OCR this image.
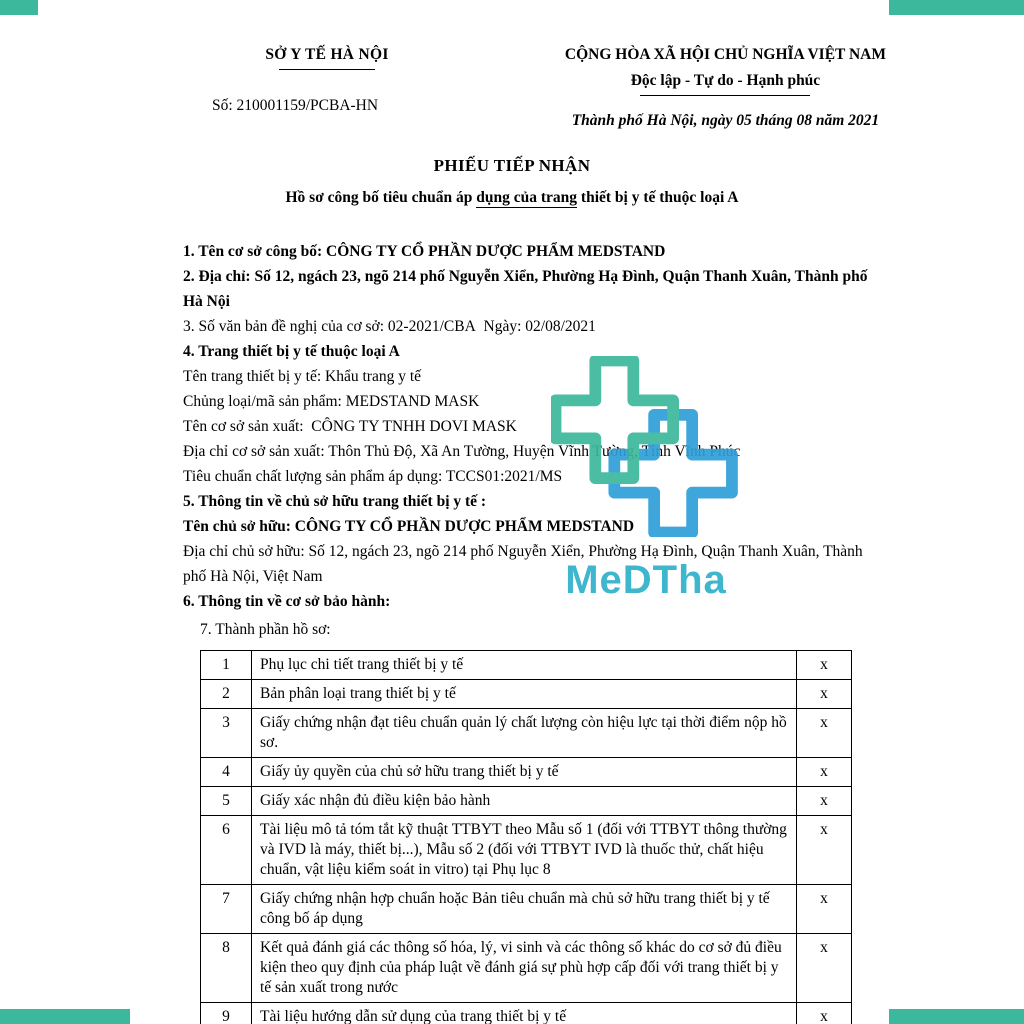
SỞ Y TẾ HÀ NỘI
Số: 210001159/PCBA-HN
CỘNG HÒA XÃ HỘI CHỦ NGHĨA VIỆT NAM
Độc lập - Tự do - Hạnh phúc
Thành phố Hà Nội, ngày 05 tháng 08 năm 2021
PHIẾU TIẾP NHẬN
Hồ sơ công bố tiêu chuẩn áp dụng của trang thiết bị y tế thuộc loại A

1. Tên cơ sở công bố: CÔNG TY CỔ PHẦN DƯỢC PHẨM MEDSTAND

2. Địa chỉ: Số 12, ngách 23, ngõ 214 phố Nguyễn Xiển, Phường Hạ Đình, Quận Thanh Xuân, Thành phố Hà Nội

3. Số văn bản đề nghị của cơ sở: 02-2021/CBA  Ngày: 02/08/2021

4. Trang thiết bị y tế thuộc loại A

Tên trang thiết bị y tế: Khẩu trang y tế

Chủng loại/mã sản phẩm: MEDSTAND MASK

Tên cơ sở sản xuất:  CÔNG TY TNHH DOVI MASK

Địa chỉ cơ sở sản xuất: Thôn Thủ Độ, Xã An Tường, Huyện Vĩnh Tường, Tỉnh Vĩnh Phúc

Tiêu chuẩn chất lượng sản phẩm áp dụng: TCCS01:2021/MS

5. Thông tin về chủ sở hữu trang thiết bị y tế :

Tên chủ sở hữu: CÔNG TY CỔ PHẦN DƯỢC PHẨM MEDSTAND

Địa chỉ chủ sở hữu: Số 12, ngách 23, ngõ 214 phố Nguyễn Xiển, Phường Hạ Đình, Quận Thanh Xuân, Thành phố Hà Nội, Việt Nam

6. Thông tin về cơ sở bảo hành:

7. Thành phần hồ sơ:

1	Phụ lục chi tiết trang thiết bị y tế	x
2	Bản phân loại trang thiết bị y tế	x
3	Giấy chứng nhận đạt tiêu chuẩn quản lý chất lượng còn hiệu lực tại thời điểm nộp hồ sơ.	x
4	Giấy ủy quyền của chủ sở hữu trang thiết bị y tế	x
5	Giấy xác nhận đủ điều kiện bảo hành	x
6	Tài liệu mô tả tóm tắt kỹ thuật TTBYT theo Mẫu số 1 (đối với TTBYT thông thường và IVD là máy, thiết bị...), Mẫu số 2 (đối với TTBYT IVD là thuốc thử, chất hiệu chuẩn, vật liệu kiểm soát in vitro) tại Phụ lục 8	x
7	Giấy chứng nhận hợp chuẩn hoặc Bản tiêu chuẩn mà chủ sở hữu trang thiết bị y tế công bố áp dụng	x
8	Kết quả đánh giá các thông số hóa, lý, vi sinh và các thông số khác do cơ sở đủ điều kiện theo quy định của pháp luật về đánh giá sự phù hợp cấp đối với trang thiết bị y tế sản xuất trong nước	x
9	Tài liệu hướng dẫn sử dụng của trang thiết bị y tế	x
MeDTha
